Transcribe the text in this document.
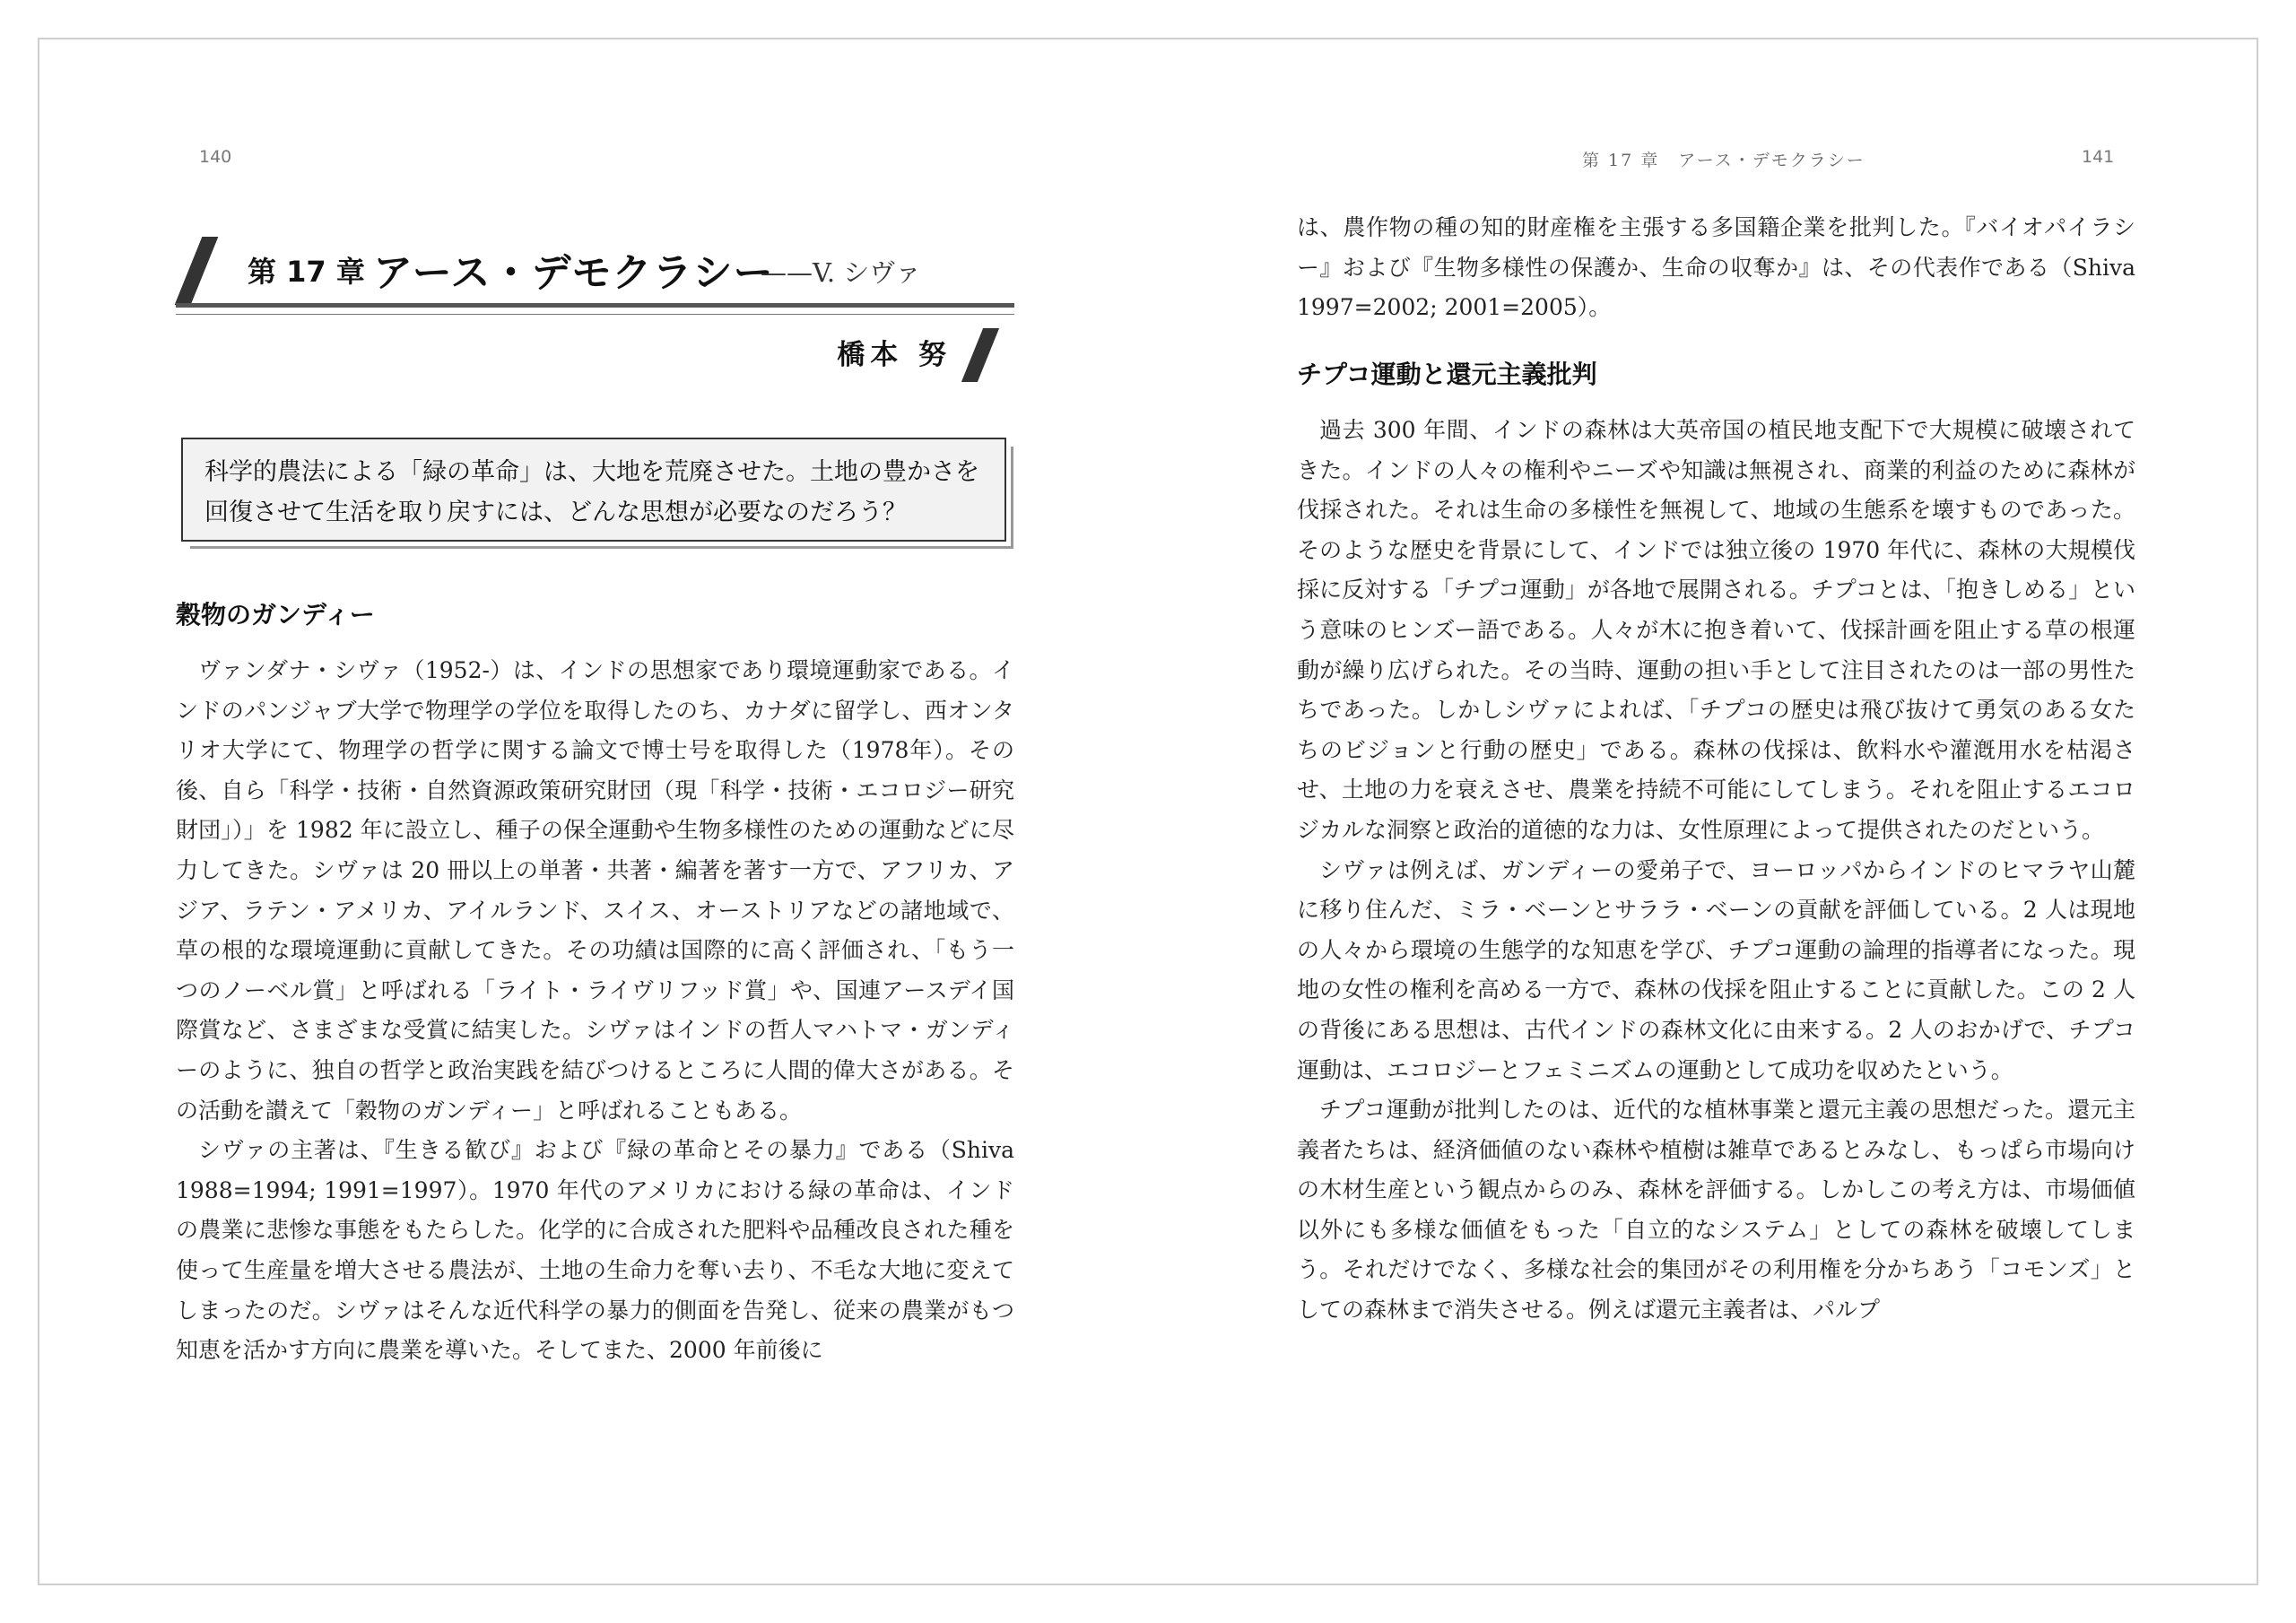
140
第 17 章 アース・デモクラシー
——V. シヴァ
橋本 努
科学的農法による「緑の革命」は、大地を荒廃させた。土地の豊かさを回復させて生活を取り戻すには、どんな思想が必要なのだろう？
穀物のガンディー

ヴァンダナ・シヴァ（1952-）は、インドの思想家であり環境運動家である。インドのパンジャブ大学で物理学の学位を取得したのち、カナダに留学し、西オンタリオ大学にて、物理学の哲学に関する論文で博士号を取得した（1978年）。その後、自ら「科学・技術・自然資源政策研究財団（現「科学・技術・エコロジー研究財団」）」を 1982 年に設立し、種子の保全運動や生物多様性のための運動などに尽力してきた。シヴァは 20 冊以上の単著・共著・編著を著す一方で、アフリカ、アジア、ラテン・アメリカ、アイルランド、スイス、オーストリアなどの諸地域で、草の根的な環境運動に貢献してきた。その功績は国際的に高く評価され、「もう一つのノーベル賞」と呼ばれる「ライト・ライヴリフッド賞」や、国連アースデイ国際賞など、さまざまな受賞に結実した。シヴァはインドの哲人マハトマ・ガンディーのように、独自の哲学と政治実践を結びつけるところに人間的偉大さがある。その活動を讃えて「穀物のガンディー」と呼ばれることもある。

シヴァの主著は、『生きる歓び』および『緑の革命とその暴力』である（Shiva 1988=1994; 1991=1997）。1970 年代のアメリカにおける緑の革命は、インドの農業に悲惨な事態をもたらした。化学的に合成された肥料や品種改良された種を使って生産量を増大させる農法が、土地の生命力を奪い去り、不毛な大地に変えてしまったのだ。シヴァはそんな近代科学の暴力的側面を告発し、従来の農業がもつ知恵を活かす方向に農業を導いた。そしてまた、2000 年前後に

第 17 章　アース・デモクラシー	141

は、農作物の種の知的財産権を主張する多国籍企業を批判した。『バイオパイラシー』および『生物多様性の保護か、生命の収奪か』は、その代表作である（Shiva 1997=2002; 2001=2005）。

チプコ運動と還元主義批判

過去 300 年間、インドの森林は大英帝国の植民地支配下で大規模に破壊されてきた。インドの人々の権利やニーズや知識は無視され、商業的利益のために森林が伐採された。それは生命の多様性を無視して、地域の生態系を壊すものであった。そのような歴史を背景にして、インドでは独立後の 1970 年代に、森林の大規模伐採に反対する「チプコ運動」が各地で展開される。チプコとは、「抱きしめる」という意味のヒンズー語である。人々が木に抱き着いて、伐採計画を阻止する草の根運動が繰り広げられた。その当時、運動の担い手として注目されたのは一部の男性たちであった。しかしシヴァによれば、「チプコの歴史は飛び抜けて勇気のある女たちのビジョンと行動の歴史」である。森林の伐採は、飲料水や灌漑用水を枯渇させ、土地の力を衰えさせ、農業を持続不可能にしてしまう。それを阻止するエコロジカルな洞察と政治的道徳的な力は、女性原理によって提供されたのだという。

シヴァは例えば、ガンディーの愛弟子で、ヨーロッパからインドのヒマラヤ山麓に移り住んだ、ミラ・ベーンとサララ・ベーンの貢献を評価している。2 人は現地の人々から環境の生態学的な知恵を学び、チプコ運動の論理的指導者になった。現地の女性の権利を高める一方で、森林の伐採を阻止することに貢献した。この 2 人の背後にある思想は、古代インドの森林文化に由来する。2 人のおかげで、チプコ運動は、エコロジーとフェミニズムの運動として成功を収めたという。

チプコ運動が批判したのは、近代的な植林事業と還元主義の思想だった。還元主義者たちは、経済価値のない森林や植樹は雑草であるとみなし、もっぱら市場向けの木材生産という観点からのみ、森林を評価する。しかしこの考え方は、市場価値以外にも多様な価値をもった「自立的なシステム」としての森林を破壊してしまう。それだけでなく、多様な社会的集団がその利用権を分かちあう「コモンズ」としての森林まで消失させる。例えば還元主義者は、パルプ
